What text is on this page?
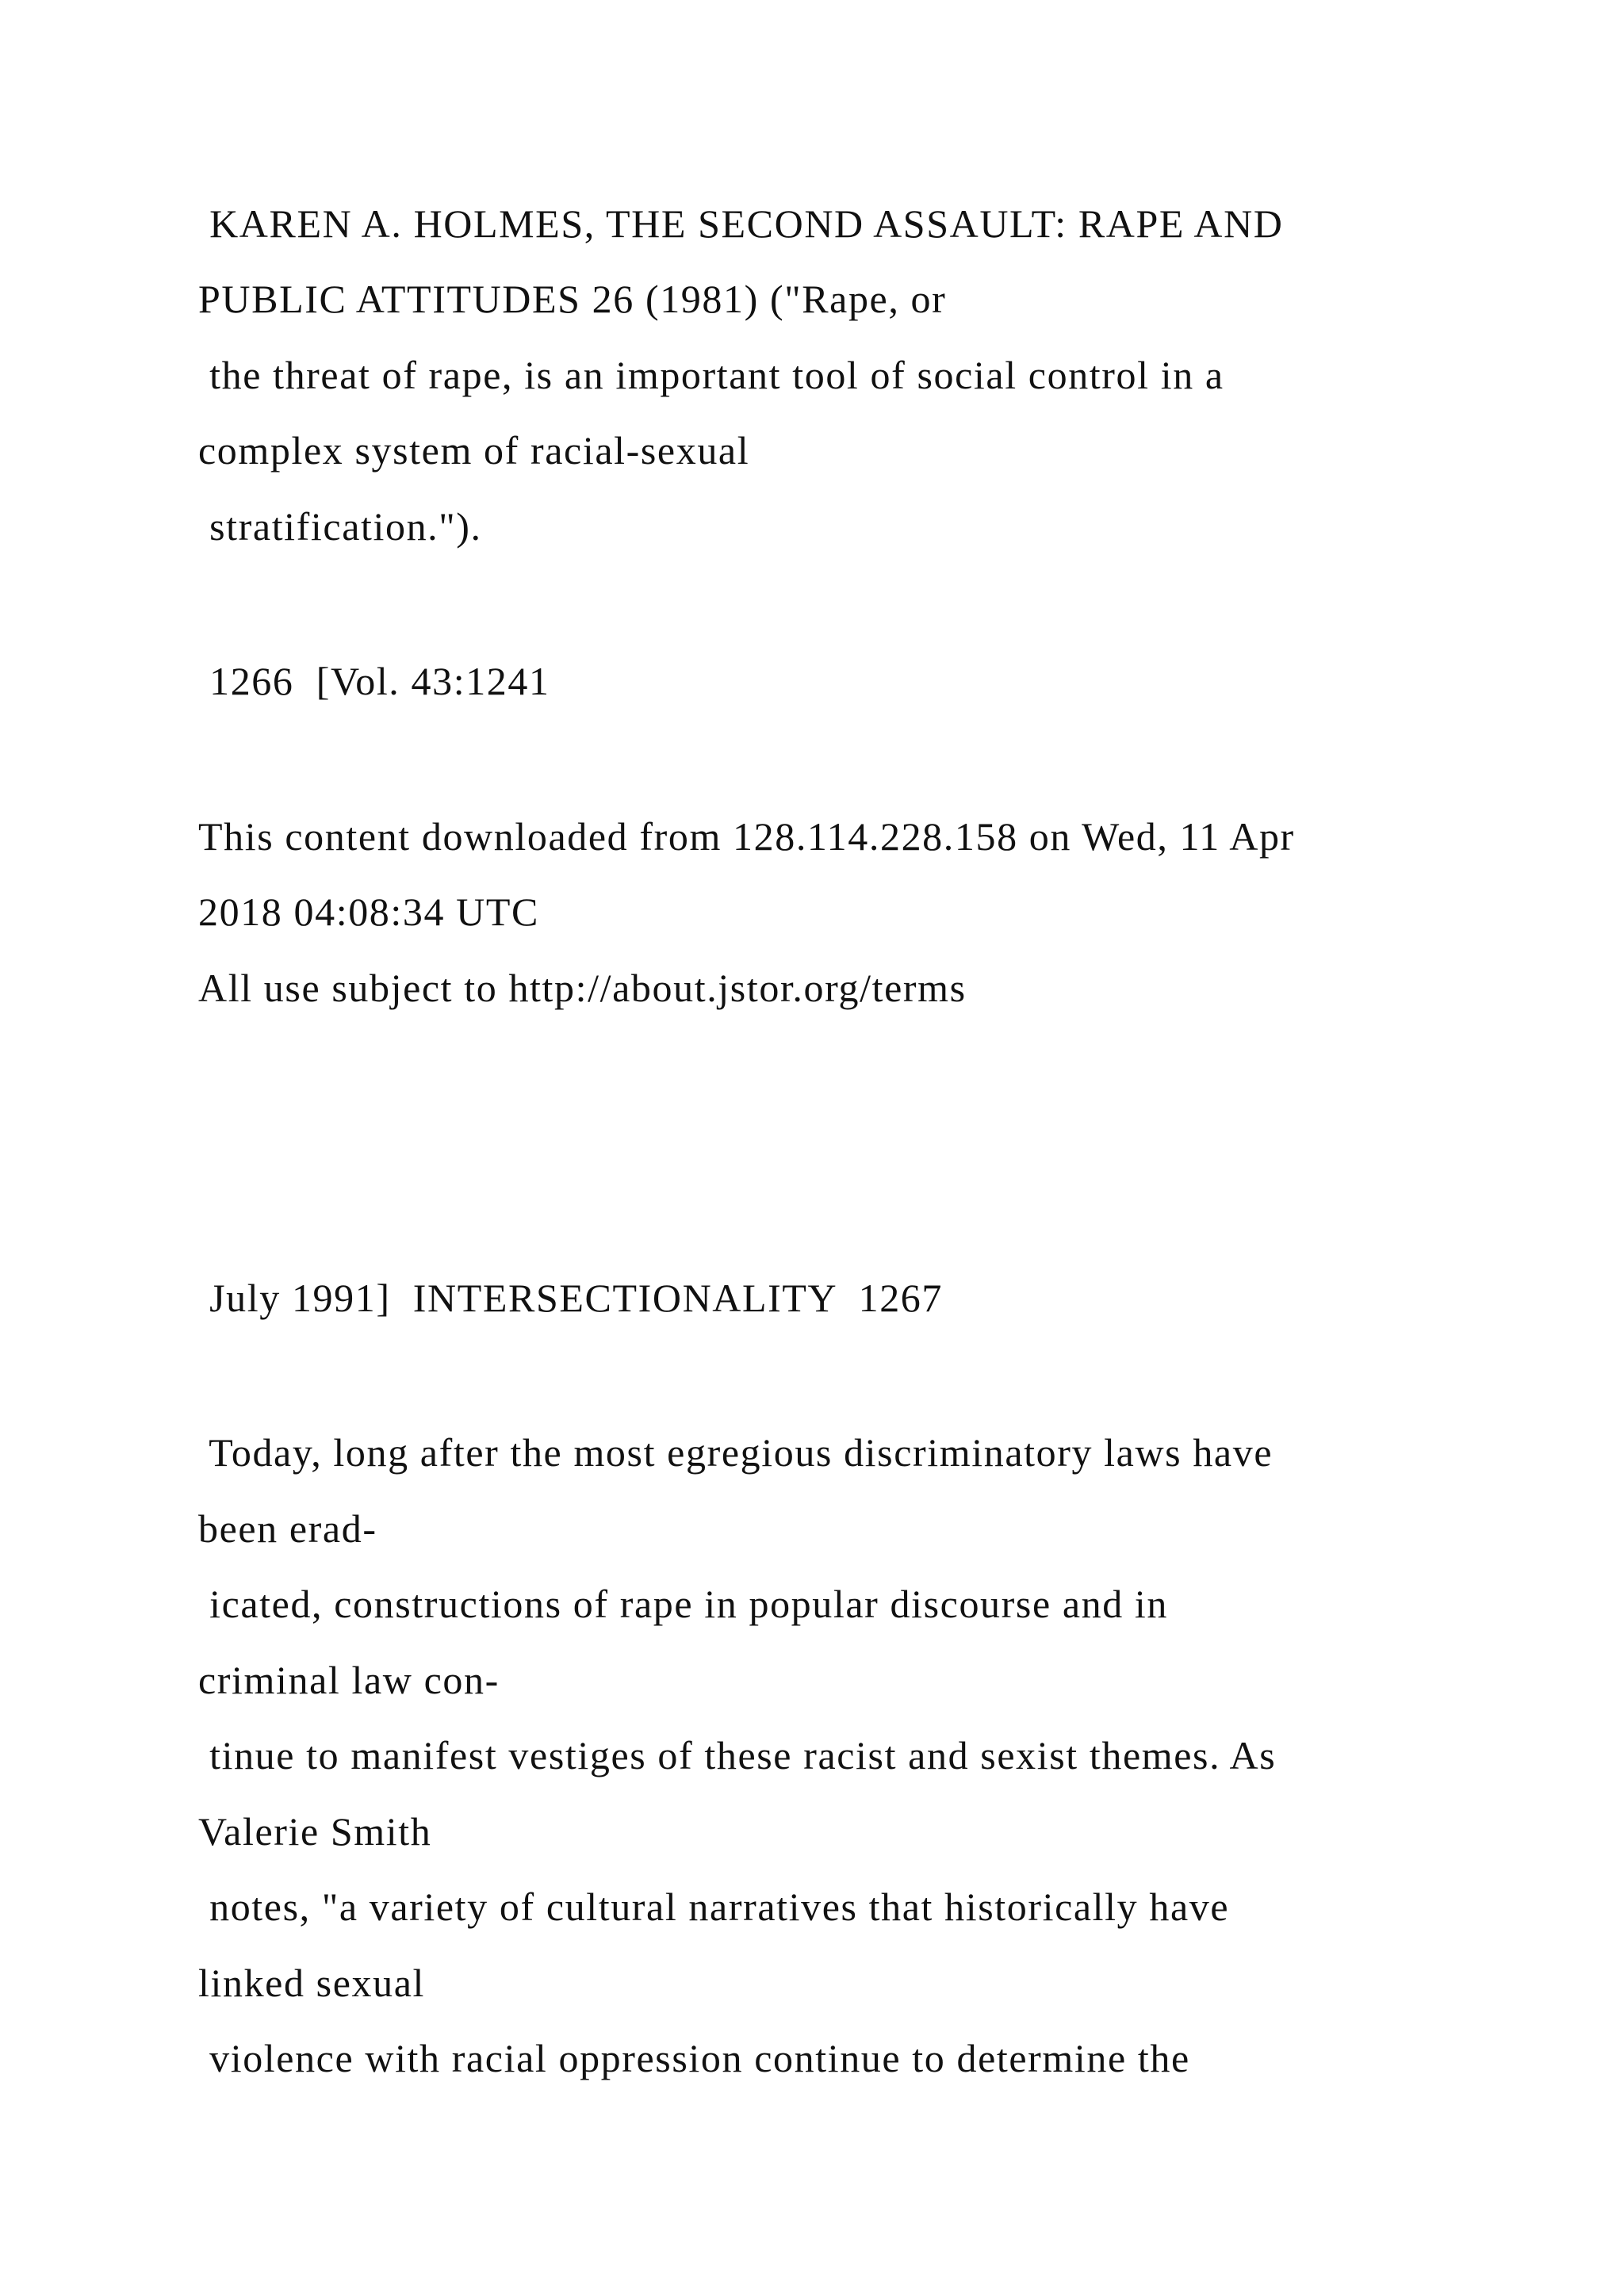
KAREN A. HOLMES, THE SECOND ASSAULT: RAPE AND

PUBLIC ATTITUDES 26 (1981) ("Rape, or

the threat of rape, is an important tool of social control in a

complex system of racial-sexual

stratification.").

1266  [Vol. 43:1241

This content downloaded from 128.114.228.158 on Wed, 11 Apr

2018 04:08:34 UTC

All use subject to http://about.jstor.org/terms

July 1991]  INTERSECTIONALITY  1267

Today, long after the most egregious discriminatory laws have

been erad-

icated, constructions of rape in popular discourse and in

criminal law con-

tinue to manifest vestiges of these racist and sexist themes. As

Valerie Smith

notes, "a variety of cultural narratives that historically have

linked sexual

violence with racial oppression continue to determine the
